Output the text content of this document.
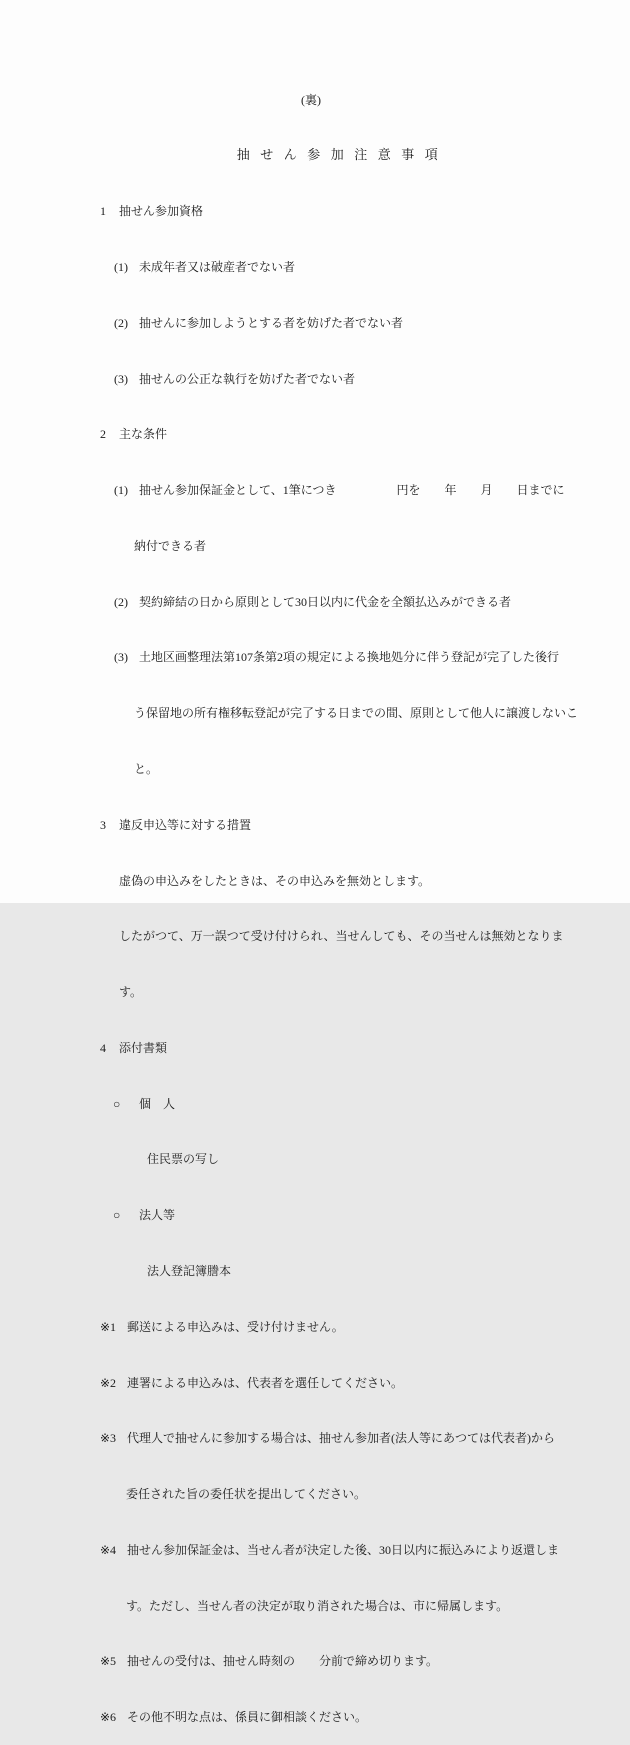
(裏)

抽せん参加注意事項

1 抽せん参加資格

(1) 未成年者又は破産者でない者

(2) 抽せんに参加しようとする者を妨げた者でない者

(3) 抽せんの公正な執行を妨げた者でない者

2 主な条件

(1) 抽せん参加保証金として、1筆につき　　　　　円を　　年　　月　　日までに

納付できる者

(2) 契約締結の日から原則として30日以内に代金を全額払込みができる者

(3) 土地区画整理法第107条第2項の規定による換地処分に伴う登記が完了した後行

う保留地の所有権移転登記が完了する日までの間、原則として他人に譲渡しないこ

と。

3 違反申込等に対する措置

虚偽の申込みをしたときは、その申込みを無効とします。

したがつて、万一誤つて受け付けられ、当せんしても、その当せんは無効となりま

す。

4 添付書類

○ 個　人

住民票の写し

○ 法人等

法人登記簿謄本

※1 郵送による申込みは、受け付けません。

※2 連署による申込みは、代表者を選任してください。

※3 代理人で抽せんに参加する場合は、抽せん参加者(法人等にあつては代表者)から

委任された旨の委任状を提出してください。

※4 抽せん参加保証金は、当せん者が決定した後、30日以内に振込みにより返還しま

す。ただし、当せん者の決定が取り消された場合は、市に帰属します。

※5 抽せんの受付は、抽せん時刻の　　分前で締め切ります。

※6 その他不明な点は、係員に御相談ください。
